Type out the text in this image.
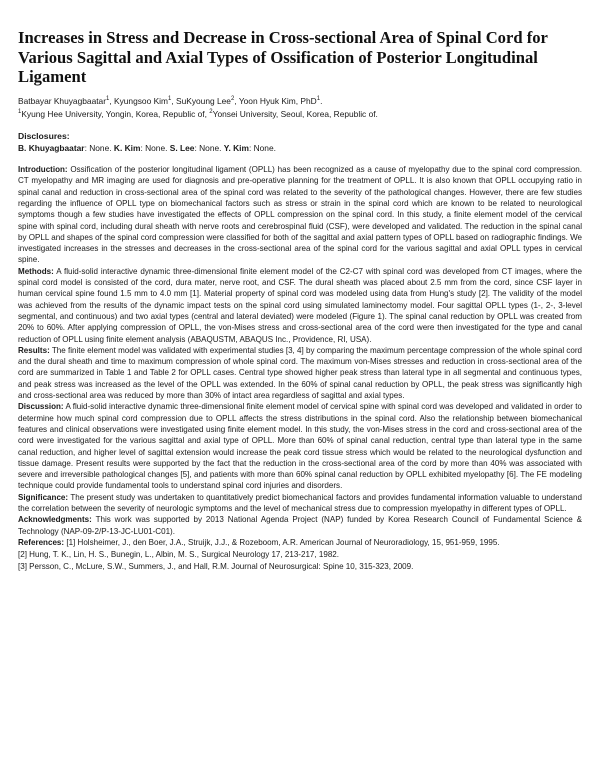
Increases in Stress and Decrease in Cross-sectional Area of Spinal Cord for Various Sagittal and Axial Types of Ossification of Posterior Longitudinal Ligament
Batbayar Khuyagbaatar$^1$, Kyungsoo Kim$^1$, SuKyoung Lee$^2$, Yoon Hyuk Kim, PhD$^1$.
$^1$Kyung Hee University, Yongin, Korea, Republic of, $^2$Yonsei University, Seoul, Korea, Republic of.
Disclosures:
B. Khuyagbaatar: None. K. Kim: None. S. Lee: None. Y. Kim: None.

Introduction: Ossification of the posterior longitudinal ligament (OPLL) has been recognized as a cause of myelopathy due to the spinal cord compression. CT myelopathy and MR imaging are used for diagnosis and pre-operative planning for the treatment of OPLL. It is also known that OPLL occupying ratio in spinal canal and reduction in cross-sectional area of the spinal cord was related to the severity of the pathological changes. However, there are few studies regarding the influence of OPLL type on biomechanical factors such as stress or strain in the spinal cord which are known to be related to neurological symptoms though a few studies have investigated the effects of OPLL compression on the spinal cord. In this study, a finite element model of the cervical spine with spinal cord, including dural sheath with nerve roots and cerebrospinal fluid (CSF), were developed and validated. The reduction in the spinal canal by OPLL and shapes of the spinal cord compression were classified for both of the sagittal and axial pattern types of OPLL based on radiographic findings. We investigated increases in the stresses and decreases in the cross-sectional area of the spinal cord for the various sagittal and axial OPLL types in cervical spine.

Methods: A fluid-solid interactive dynamic three-dimensional finite element model of the C2-C7 with spinal cord was developed from CT images, where the spinal cord model is consisted of the cord, dura mater, nerve root, and CSF. The dural sheath was placed about 2.5 mm from the cord, since CSF layer in human cervical spine found 1.5 mm to 4.0 mm [1]. Material property of spinal cord was modeled using data from Hung's study [2]. The validity of the model was achieved from the results of the dynamic impact tests on the spinal cord using simulated laminectomy model. Four sagittal OPLL types (1-, 2-, 3-level segmental, and continuous) and two axial types (central and lateral deviated) were modeled (Figure 1). The spinal canal reduction by OPLL was created from 20% to 60%. After applying compression of OPLL, the von-Mises stress and cross-sectional area of the cord were then investigated for the type and canal reduction of OPLL using finite element analysis (ABAQUSTM, ABAQUS Inc., Providence, RI, USA).

Results: The finite element model was validated with experimental studies [3, 4] by comparing the maximum percentage compression of the whole spinal cord and the dural sheath and time to maximum compression of whole spinal cord. The maximum von-Mises stresses and reduction in cross-sectional area of the cord are summarized in Table 1 and Table 2 for OPLL cases. Central type showed higher peak stress than lateral type in all segmental and continuous types, and peak stress was increased as the level of the OPLL was extended. In the 60% of spinal canal reduction by OPLL, the peak stress was significantly high and cross-sectional area was reduced by more than 30% of intact area regardless of sagittal and axial types.

Discussion: A fluid-solid interactive dynamic three-dimensional finite element model of cervical spine with spinal cord was developed and validated in order to determine how much spinal cord compression due to OPLL affects the stress distributions in the spinal cord. Also the relationship between biomechanical features and clinical observations were investigated using finite element model. In this study, the von-Mises stress in the cord and cross-sectional area of the cord were investigated for the various sagittal and axial type of OPLL. More than 60% of spinal canal reduction, central type than lateral type in the same canal reduction, and higher level of sagittal extension would increase the peak cord tissue stress which would be related to the neurological dysfunction and tissue damage. Present results were supported by the fact that the reduction in the cross-sectional area of the cord by more than 40% was associated with severe and irreversible pathological changes [5], and patients with more than 60% spinal canal reduction by OPLL exhibited myelopathy [6]. The FE modeling technique could provide fundamental tools to understand spinal cord injuries and disorders.

Significance: The present study was undertaken to quantitatively predict biomechanical factors and provides fundamental information valuable to understand the correlation between the severity of neurologic symptoms and the level of mechanical stress due to compression myelopathy in different types of OPLL.

Acknowledgments: This work was supported by 2013 National Agenda Project (NAP) funded by Korea Research Council of Fundamental Science & Technology (NAP-09-2/P-13-JC-LU01-C01).

References: [1] Holsheimer, J., den Boer, J.A., Struijk, J.J., & Rozeboom, A.R. American Journal of Neuroradiology, 15, 951-959, 1995.

[2] Hung, T. K., Lin, H. S., Bunegin, L., Albin, M. S., Surgical Neurology 17, 213-217, 1982.

[3] Persson, C., McLure, S.W., Summers, J., and Hall, R.M. Journal of Neurosurgical: Spine 10, 315-323, 2009.
